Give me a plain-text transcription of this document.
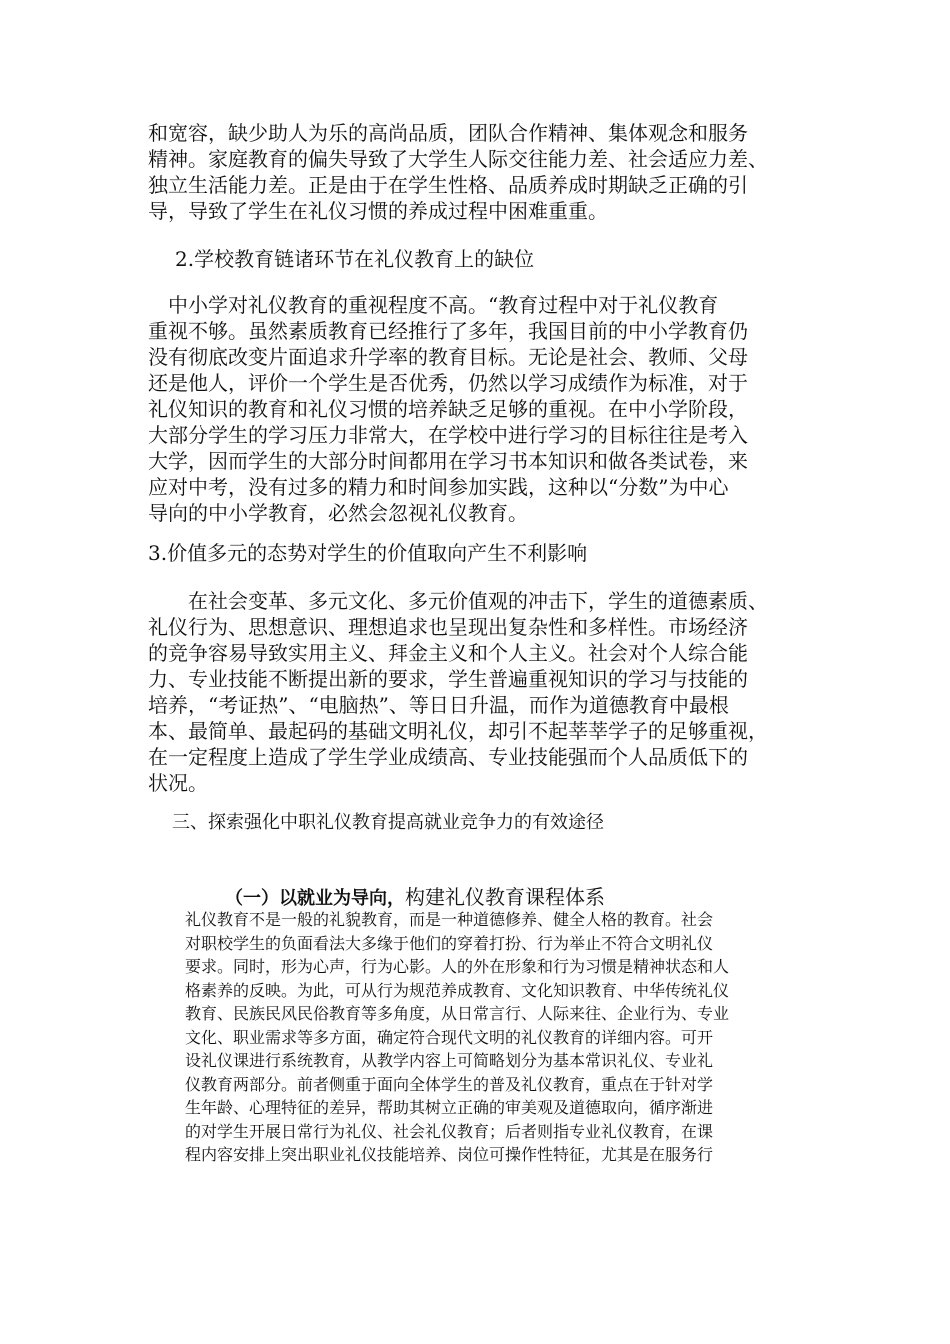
和宽容，缺少助人为乐的高尚品质，团队合作精神、集体观念和服务
精神。家庭教育的偏失导致了大学生人际交往能力差、社会适应力差、
独立生活能力差。正是由于在学生性格、品质养成时期缺乏正确的引
导，导致了学生在礼仪习惯的养成过程中困难重重。
2.学校教育链诸环节在礼仪教育上的缺位
　中小学对礼仪教育的重视程度不高。“教育过程中对于礼仪教育
重视不够。虽然素质教育已经推行了多年，我国目前的中小学教育仍
没有彻底改变片面追求升学率的教育目标。无论是社会、教师、父母
还是他人，评价一个学生是否优秀，仍然以学习成绩作为标准，对于
礼仪知识的教育和礼仪习惯的培养缺乏足够的重视。在中小学阶段，
大部分学生的学习压力非常大，在学校中进行学习的目标往往是考入
大学，因而学生的大部分时间都用在学习书本知识和做各类试卷，来
应对中考，没有过多的精力和时间参加实践，这种以“分数”为中心
导向的中小学教育，必然会忽视礼仪教育。
3.价值多元的态势对学生的价值取向产生不利影响
　　在社会变革、多元文化、多元价值观的冲击下，学生的道德素质、
礼仪行为、思想意识、理想追求也呈现出复杂性和多样性。市场经济
的竞争容易导致实用主义、拜金主义和个人主义。社会对个人综合能
力、专业技能不断提出新的要求，学生普遍重视知识的学习与技能的
培养，“考证热”、“电脑热”、等日日升温，而作为道德教育中最根
本、最简单、最起码的基础文明礼仪，却引不起莘莘学子的足够重视，
在一定程度上造成了学生学业成绩高、专业技能强而个人品质低下的
状况。
三、探索强化中职礼仪教育提高就业竞争力的有效途径
（一）以就业为导向，构建礼仪教育课程体系
礼仪教育不是一般的礼貌教育，而是一种道德修养、健全人格的教育。社会
对职校学生的负面看法大多缘于他们的穿着打扮、行为举止不符合文明礼仪
要求。同时，形为心声，行为心影。人的外在形象和行为习惯是精神状态和人
格素养的反映。为此，可从行为规范养成教育、文化知识教育、中华传统礼仪
教育、民族民风民俗教育等多角度，从日常言行、人际来往、企业行为、专业
文化、职业需求等多方面，确定符合现代文明的礼仪教育的详细内容。可开
设礼仪课进行系统教育，从教学内容上可简略划分为基本常识礼仪、专业礼
仪教育两部分。前者侧重于面向全体学生的普及礼仪教育，重点在于针对学
生年龄、心理特征的差异，帮助其树立正确的审美观及道德取向，循序渐进
的对学生开展日常行为礼仪、社会礼仪教育；后者则指专业礼仪教育，在课
程内容安排上突出职业礼仪技能培养、岗位可操作性特征，尤其是在服务行
